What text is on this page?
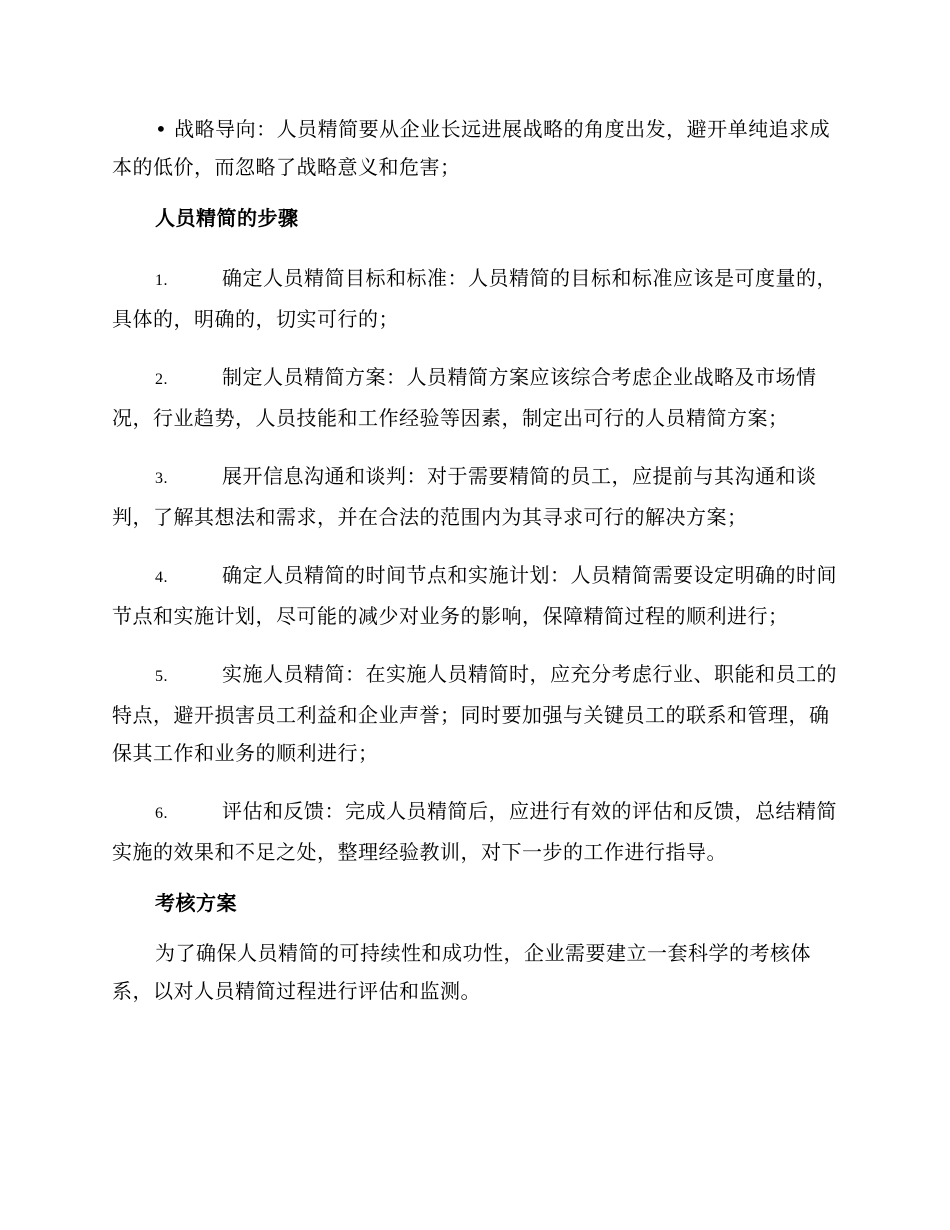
• 战略导向：人员精简要从企业长远进展战略的角度出发，避开单纯追求成本的低价，而忽略了战略意义和危害；

人员精简的步骤

1.	确定人员精简目标和标准：人员精简的目标和标准应该是可度量的，具体的，明确的，切实可行的；

2.	制定人员精简方案：人员精简方案应该综合考虑企业战略及市场情况，行业趋势，人员技能和工作经验等因素，制定出可行的人员精简方案；

3.	展开信息沟通和谈判：对于需要精简的员工，应提前与其沟通和谈判，了解其想法和需求，并在合法的范围内为其寻求可行的解决方案；

4.	确定人员精简的时间节点和实施计划：人员精简需要设定明确的时间节点和实施计划，尽可能的减少对业务的影响，保障精简过程的顺利进行；

5.	实施人员精简：在实施人员精简时，应充分考虑行业、职能和员工的特点，避开损害员工利益和企业声誉；同时要加强与关键员工的联系和管理，确保其工作和业务的顺利进行；

6.	评估和反馈：完成人员精简后，应进行有效的评估和反馈，总结精简实施的效果和不足之处，整理经验教训，对下一步的工作进行指导。

考核方案

为了确保人员精简的可持续性和成功性，企业需要建立一套科学的考核体系，以对人员精简过程进行评估和监测。
